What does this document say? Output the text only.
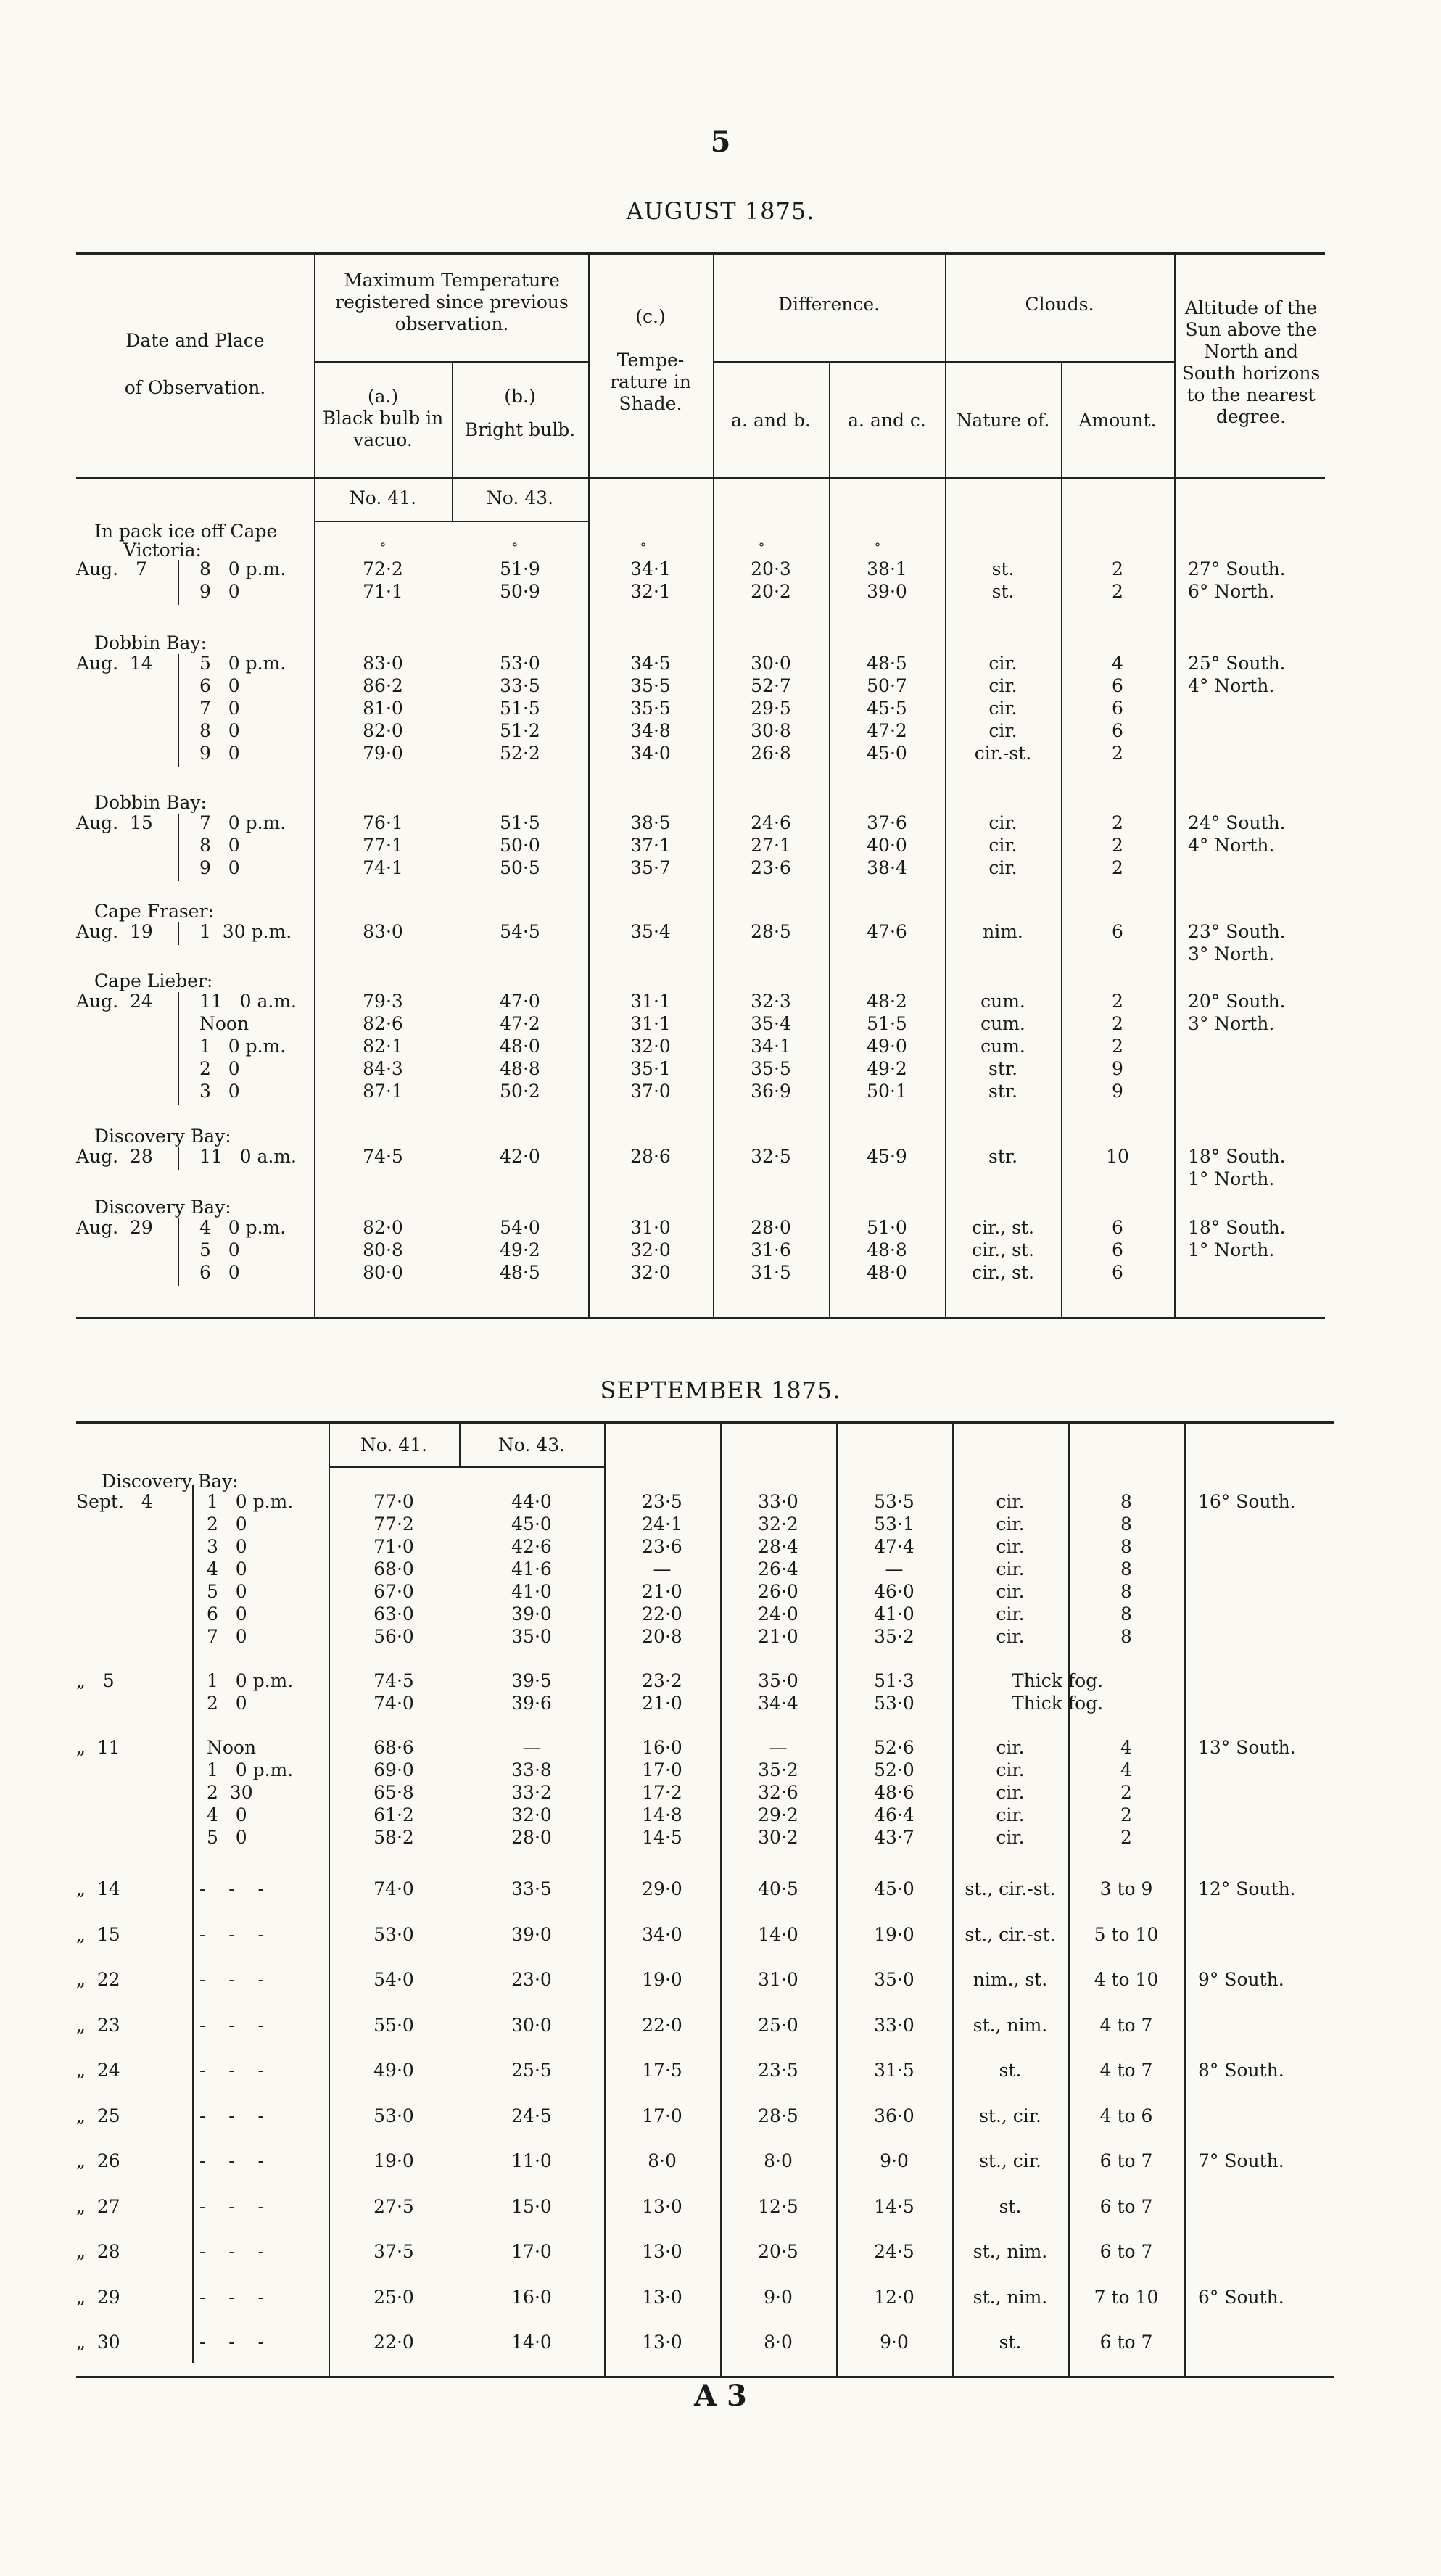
5
AUGUST 1875.
Date and Place
of Observation.
Maximum Temperature registered since previous observation.
(a.)
Black bulb in vacuo.
(b.)
Bright bulb.
(c.)
Tempe- rature in Shade.
Difference.
a. and b.	a. and c.
Clouds.
Nature of.	Amount.
Altitude of the Sun above the North and South horizons to the nearest degree.
No. 41.	No. 43.
°	°	°	°	°
In pack ice off Cape
Victoria:
Aug.   7	8   0 p.m.	72·2	51·9	34·1	20·3	38·1	st.	2	27° South.
9   0	71·1	50·9	32·1	20·2	39·0	st.	2	6° North.
Dobbin Bay:
Aug.  14	5   0 p.m.	83·0	53·0	34·5	30·0	48·5	cir.	4	25° South.
6   0	86·2	33·5	35·5	52·7	50·7	cir.	6	4° North.
7   0	81·0	51·5	35·5	29·5	45·5	cir.	6
8   0	82·0	51·2	34·8	30·8	47·2	cir.	6
9   0	79·0	52·2	34·0	26·8	45·0	cir.-st.	2
Dobbin Bay:
Aug.  15	7   0 p.m.	76·1	51·5	38·5	24·6	37·6	cir.	2	24° South.
8   0	77·1	50·0	37·1	27·1	40·0	cir.	2	4° North.
9   0	74·1	50·5	35·7	23·6	38·4	cir.	2
Cape Fraser:
Aug.  19	1  30 p.m.	83·0	54·5	35·4	28·5	47·6	nim.	6	23° South.
3° North.
Cape Lieber:
Aug.  24	11   0 a.m.	79·3	47·0	31·1	32·3	48·2	cum.	2	20° South.
Noon	82·6	47·2	31·1	35·4	51·5	cum.	2	3° North.
1   0 p.m.	82·1	48·0	32·0	34·1	49·0	cum.	2
2   0	84·3	48·8	35·1	35·5	49·2	str.	9
3   0	87·1	50·2	37·0	36·9	50·1	str.	9
Discovery Bay:
Aug.  28	11   0 a.m.	74·5	42·0	28·6	32·5	45·9	str.	10	18° South.
1° North.
Discovery Bay:
Aug.  29	4   0 p.m.	82·0	54·0	31·0	28·0	51·0	cir., st.	6	18° South.
5   0	80·8	49·2	32·0	31·6	48·8	cir., st.	6	1° North.
6   0	80·0	48·5	32·0	31·5	48·0	cir., st.	6
SEPTEMBER 1875.
No. 41.	No. 43.
Discovery Bay:
Sept.   4	1   0 p.m.	77·0	44·0	23·5	33·0	53·5	cir.	8	16° South.
2   0	77·2	45·0	24·1	32·2	53·1	cir.	8
3   0	71·0	42·6	23·6	28·4	47·4	cir.	8
4   0	68·0	41·6	—	26·4	—	cir.	8
5   0	67·0	41·0	21·0	26·0	46·0	cir.	8
6   0	63·0	39·0	22·0	24·0	41·0	cir.	8
7   0	56·0	35·0	20·8	21·0	35·2	cir.	8
„   5	1   0 p.m.	74·5	39·5	23·2	35·0	51·3	Thick fog.
2   0	74·0	39·6	21·0	34·4	53·0	Thick fog.
„  11	Noon	68·6	—	16·0	—	52·6	cir.	4	13° South.
1   0 p.m.	69·0	33·8	17·0	35·2	52·0	cir.	4
2  30	65·8	33·2	17·2	32·6	48·6	cir.	2
4   0	61·2	32·0	14·8	29·2	46·4	cir.	2
5   0	58·2	28·0	14·5	30·2	43·7	cir.	2
„  14	-    -    -	74·0	33·5	29·0	40·5	45·0	st., cir.-st.	3 to 9	12° South.
„  15	-    -    -	53·0	39·0	34·0	14·0	19·0	st., cir.-st.	5 to 10
„  22	-    -    -	54·0	23·0	19·0	31·0	35·0	nim., st.	4 to 10	9° South.
„  23	-    -    -	55·0	30·0	22·0	25·0	33·0	st., nim.	4 to 7
„  24	-    -    -	49·0	25·5	17·5	23·5	31·5	st.	4 to 7	8° South.
„  25	-    -    -	53·0	24·5	17·0	28·5	36·0	st., cir.	4 to 6
„  26	-    -    -	19·0	11·0	8·0	8·0	9·0	st., cir.	6 to 7	7° South.
„  27	-    -    -	27·5	15·0	13·0	12·5	14·5	st.	6 to 7
„  28	-    -    -	37·5	17·0	13·0	20·5	24·5	st., nim.	6 to 7
„  29	-    -    -	25·0	16·0	13·0	9·0	12·0	st., nim.	7 to 10	6° South.
„  30	-    -    -	22·0	14·0	13·0	8·0	9·0	st.	6 to 7
A 3
